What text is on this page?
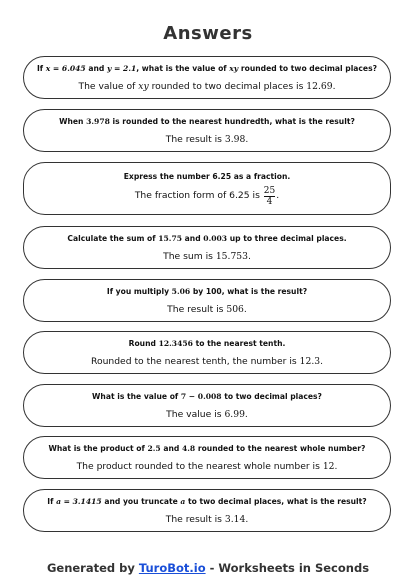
Answers
If x = 6.045 and y = 2.1, what is the value of xy rounded to two decimal places?
The value of xy rounded to two decimal places is 12.69.
When 3.978 is rounded to the nearest hundredth, what is the result?
The result is 3.98.
Express the number 6.25 as a fraction.
The fraction form of 6.25 is
$\frac{25}{4}$ .
Calculate the sum of 15.75 and 0.003 up to three decimal places.
The sum is 15.753.
If you multiply 5.06 by 100, what is the result?
The result is 506.
Round 12.3456 to the nearest tenth.
Rounded to the nearest tenth, the number is 12.3.
What is the value of 7 − 0.008 to two decimal places?
The value is 6.99.
What is the product of 2.5 and 4.8 rounded to the nearest whole number?
The product rounded to the nearest whole number is 12.
If a = 3.1415 and you truncate a to two decimal places, what is the result?
The result is 3.14.
Generated by TuroBot.io - Worksheets in Seconds
